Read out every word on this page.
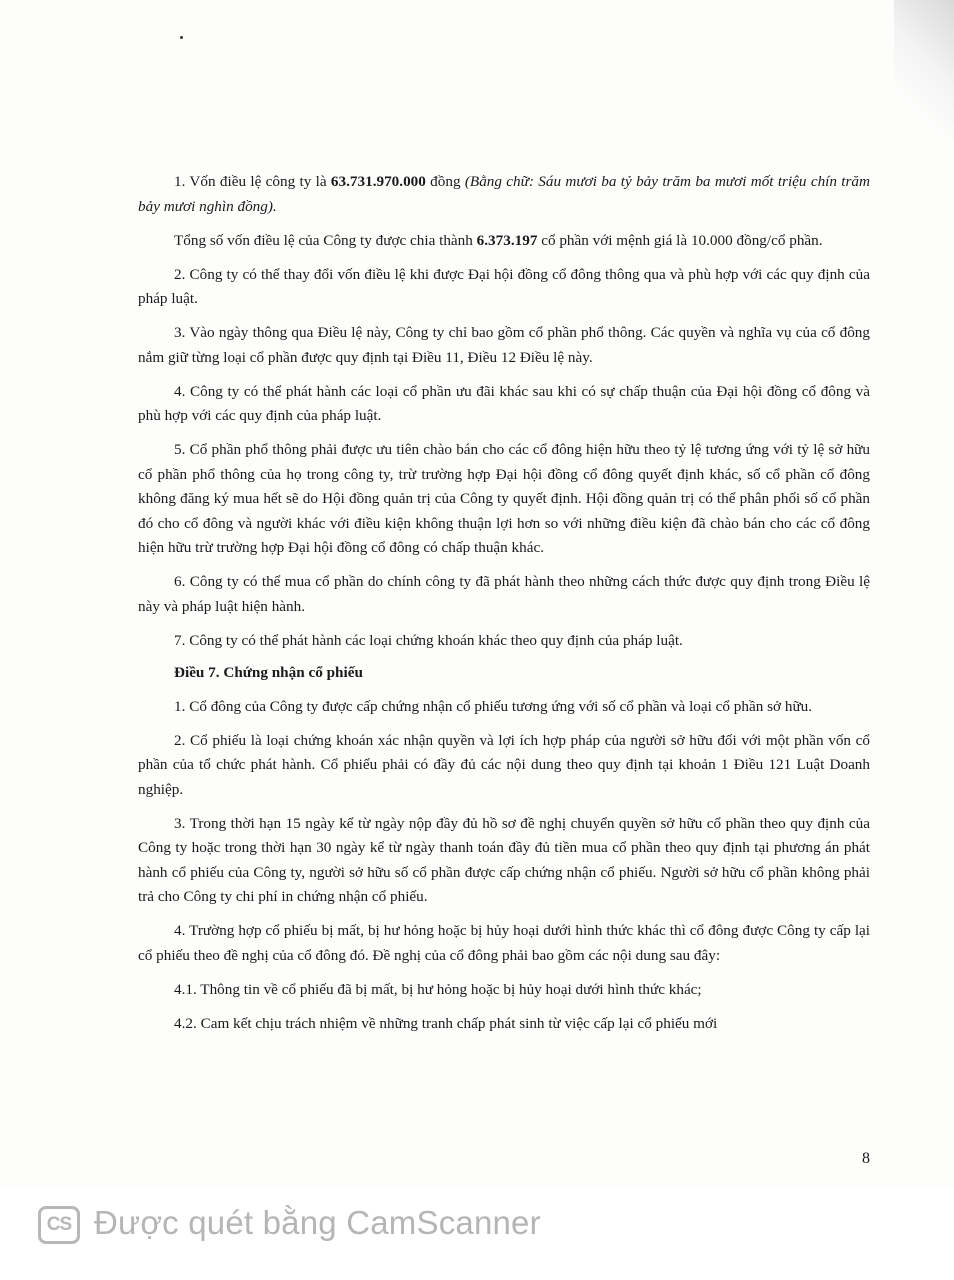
1. Vốn điều lệ công ty là 63.731.970.000 đồng (Bằng chữ: Sáu mươi ba tỷ bảy trăm ba mươi mốt triệu chín trăm bảy mươi nghìn đồng).

Tổng số vốn điều lệ của Công ty được chia thành 6.373.197 cổ phần với mệnh giá là 10.000 đồng/cổ phần.

2. Công ty có thể thay đổi vốn điều lệ khi được Đại hội đồng cổ đông thông qua và phù hợp với các quy định của pháp luật.

3. Vào ngày thông qua Điều lệ này, Công ty chỉ bao gồm cổ phần phổ thông. Các quyền và nghĩa vụ của cổ đông nắm giữ từng loại cổ phần được quy định tại Điều 11, Điều 12 Điều lệ này.

4. Công ty có thể phát hành các loại cổ phần ưu đãi khác sau khi có sự chấp thuận của Đại hội đồng cổ đông và phù hợp với các quy định của pháp luật.

5. Cổ phần phổ thông phải được ưu tiên chào bán cho các cổ đông hiện hữu theo tỷ lệ tương ứng với tỷ lệ sở hữu cổ phần phổ thông của họ trong công ty, trừ trường hợp Đại hội đồng cổ đông quyết định khác, số cổ phần cổ đông không đăng ký mua hết sẽ do Hội đồng quản trị của Công ty quyết định. Hội đồng quản trị có thể phân phối số cổ phần đó cho cổ đông và người khác với điều kiện không thuận lợi hơn so với những điều kiện đã chào bán cho các cổ đông hiện hữu trừ trường hợp Đại hội đồng cổ đông có chấp thuận khác.

6. Công ty có thể mua cổ phần do chính công ty đã phát hành theo những cách thức được quy định trong Điều lệ này và pháp luật hiện hành.

7. Công ty có thể phát hành các loại chứng khoán khác theo quy định của pháp luật.

Điều 7. Chứng nhận cổ phiếu

1. Cổ đông của Công ty được cấp chứng nhận cổ phiếu tương ứng với số cổ phần và loại cổ phần sở hữu.

2. Cổ phiếu là loại chứng khoán xác nhận quyền và lợi ích hợp pháp của người sở hữu đối với một phần vốn cổ phần của tổ chức phát hành. Cổ phiếu phải có đầy đủ các nội dung theo quy định tại khoản 1 Điều 121 Luật Doanh nghiệp.

3. Trong thời hạn 15 ngày kể từ ngày nộp đầy đủ hồ sơ đề nghị chuyển quyền sở hữu cổ phần theo quy định của Công ty hoặc trong thời hạn 30 ngày kể từ ngày thanh toán đầy đủ tiền mua cổ phần theo quy định tại phương án phát hành cổ phiếu của Công ty, người sở hữu số cổ phần được cấp chứng nhận cổ phiếu. Người sở hữu cổ phần không phải trả cho Công ty chi phí in chứng nhận cổ phiếu.

4. Trường hợp cổ phiếu bị mất, bị hư hỏng hoặc bị hủy hoại dưới hình thức khác thì cổ đông được Công ty cấp lại cổ phiếu theo đề nghị của cổ đông đó. Đề nghị của cổ đông phải bao gồm các nội dung sau đây:

4.1. Thông tin về cổ phiếu đã bị mất, bị hư hỏng hoặc bị hủy hoại dưới hình thức khác;

4.2. Cam kết chịu trách nhiệm về những tranh chấp phát sinh từ việc cấp lại cổ phiếu mới

8
CS Được quét bằng CamScanner
